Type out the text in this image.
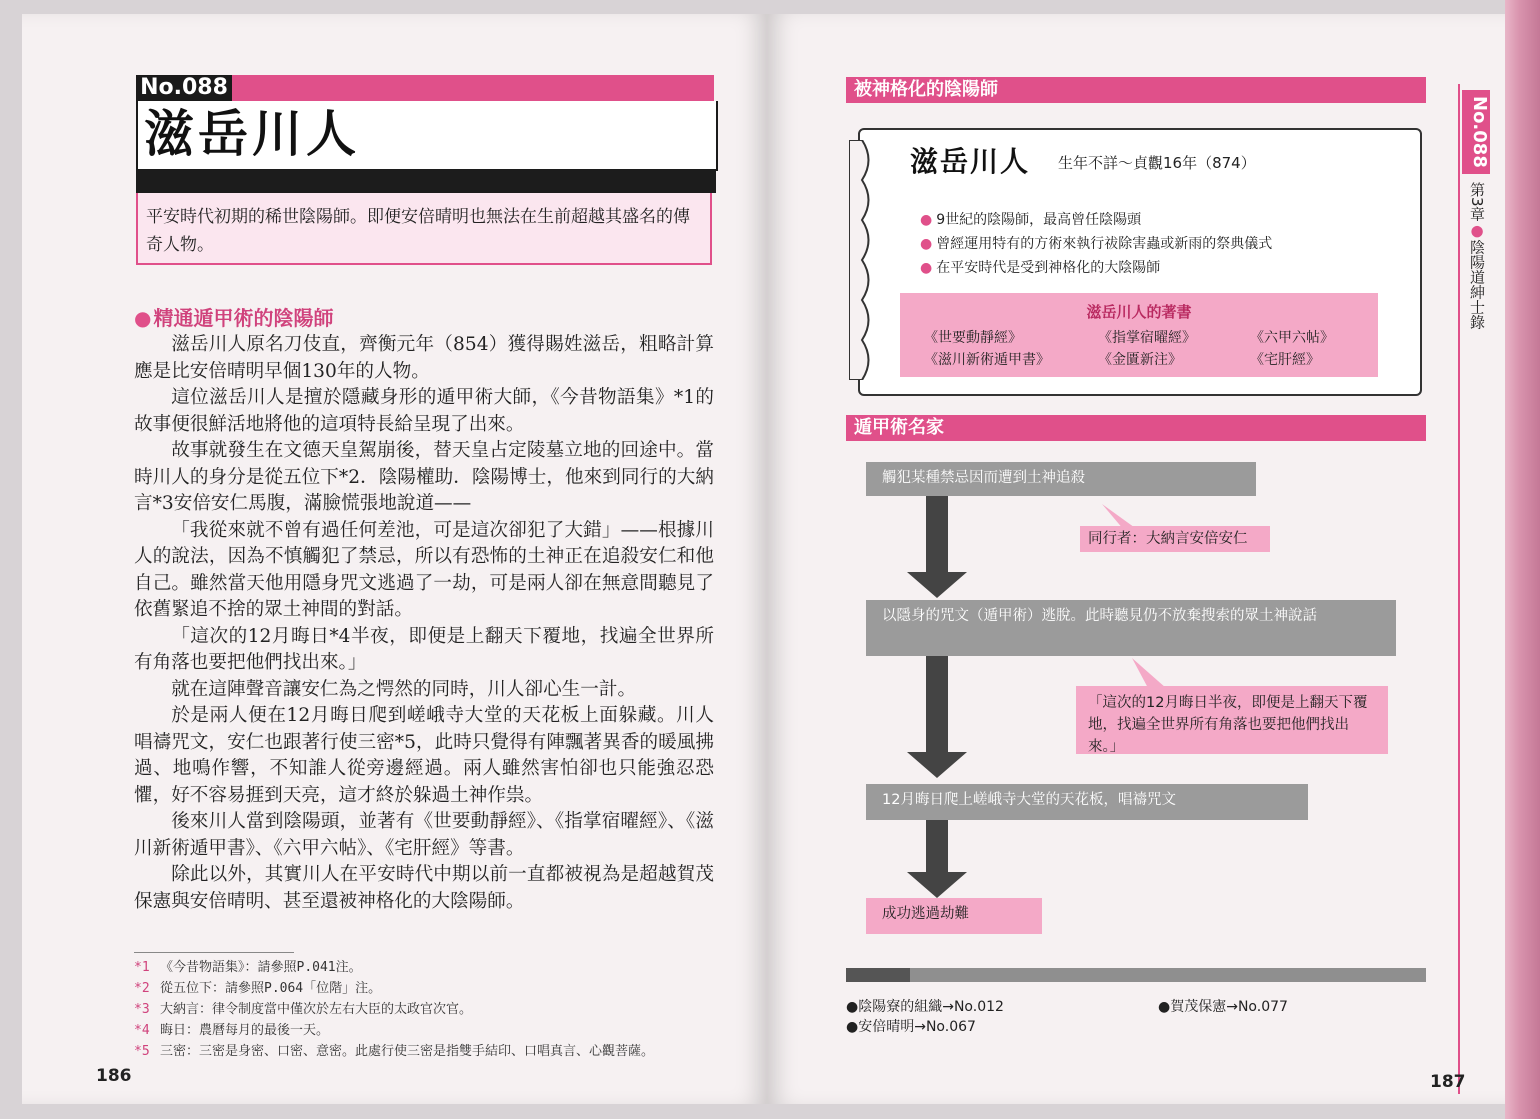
No.088
滋岳川人
平安時代初期的稀世陰陽師。即便安倍晴明也無法在生前超越其盛名的傳奇人物。
● 精通遁甲術的陰陽師

滋岳川人原名刀伎直，齊衡元年（854）獲得賜姓滋岳，粗略計算應是比安倍晴明早個130年的人物。

這位滋岳川人是擅於隱藏身形的遁甲術大師，《今昔物語集》*1的故事便很鮮活地將他的這項特長給呈現了出來。

故事就發生在文德天皇駕崩後，替天皇占定陵墓立地的回途中。當時川人的身分是從五位下*2．陰陽權助．陰陽博士，他來到同行的大納言*3安倍安仁馬腹，滿臉慌張地說道——

「我從來就不曾有過任何差池，可是這次卻犯了大錯」——根據川人的說法，因為不慎觸犯了禁忌，所以有恐怖的土神正在追殺安仁和他自己。雖然當天他用隱身咒文逃過了一劫，可是兩人卻在無意間聽見了依舊緊追不捨的眾土神間的對話。

「這次的12月晦日*4半夜，即便是上翻天下覆地，找遍全世界所有角落也要把他們找出來。」

就在這陣聲音讓安仁為之愕然的同時，川人卻心生一計。

於是兩人便在12月晦日爬到嵯峨寺大堂的天花板上面躲藏。川人唱禱咒文，安仁也跟著行使三密*5，此時只覺得有陣飄著異香的暖風拂過、地鳴作響，不知誰人從旁邊經過。兩人雖然害怕卻也只能強忍恐懼，好不容易捱到天亮，這才終於躲過土神作祟。

後來川人當到陰陽頭，並著有《世要動靜經》、《指掌宿曜經》、《滋川新術遁甲書》、《六甲六帖》、《宅肝經》等書。

除此以外，其實川人在平安時代中期以前一直都被視為是超越賀茂保憲與安倍晴明、甚至還被神格化的大陰陽師。

*1 《今昔物語集》：請參照P.041注。
*2 從五位下：請參照P.064「位階」注。
*3 大納言：律令制度當中僅次於左右大臣的太政官次官。
*4 晦日：農曆每月的最後一天。
*5 三密：三密是身密、口密、意密。此處行使三密是指雙手結印、口唱真言、心觀菩薩。
186
被神格化的陰陽師
滋岳川人 生年不詳～貞觀16年（874）
● 9世紀的陰陽師，最高曾任陰陽頭
● 曾經運用特有的方術來執行祓除害蟲或新雨的祭典儀式
● 在平安時代是受到神格化的大陰陽師
滋岳川人的著書
《世要動靜經》	《指掌宿曜經》	《六甲六帖》
《滋川新術遁甲書》	《金匱新注》	《宅肝經》
遁甲術名家
觸犯某種禁忌因而遭到土神追殺
同行者：大納言安倍安仁
以隱身的咒文（遁甲術）逃脫。此時聽見仍不放棄搜索的眾土神說話
「這次的12月晦日半夜，即便是上翻天下覆地，找遍全世界所有角落也要把他們找出來。」
12月晦日爬上嵯峨寺大堂的天花板，唱禱咒文
成功逃過劫難
●陰陽寮的組織→No.012
●安倍晴明→No.067
●賀茂保憲→No.077
No.088
第3章●陰陽道紳士錄
187
